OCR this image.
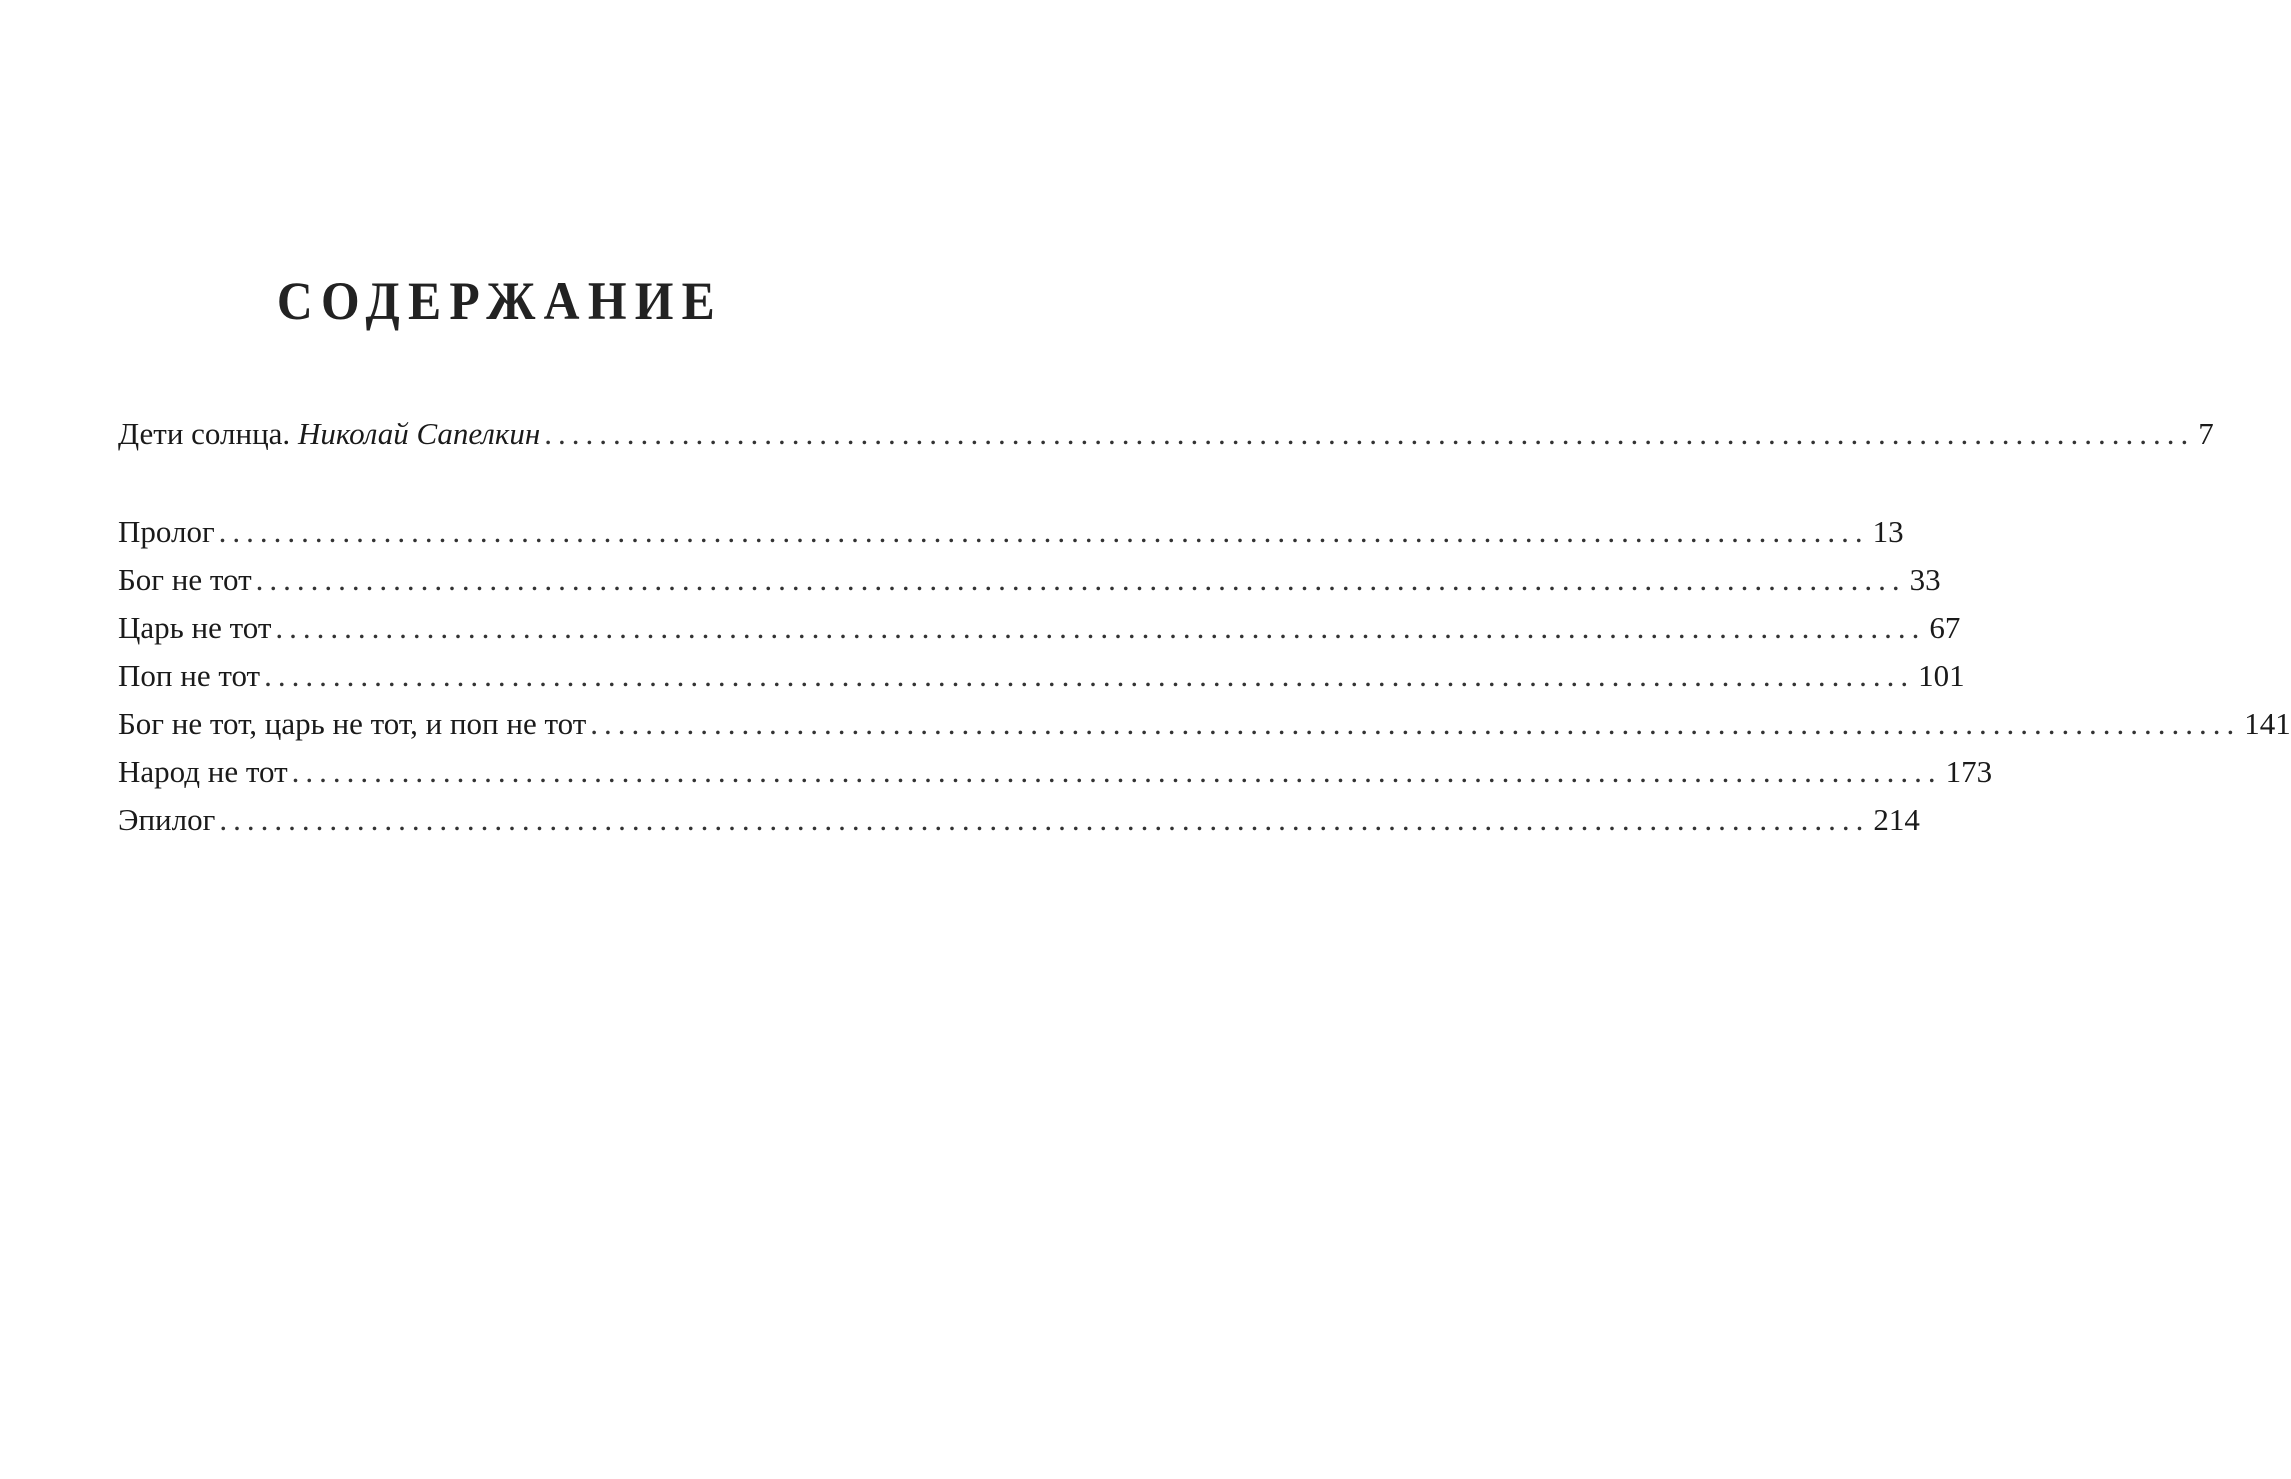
СОДЕРЖАНИЕ
Дети солнца. Николай Сапелкин ........................................................................................................................ 7
Пролог ........................................................................................................................ 13
Бог не тот ........................................................................................................................ 33
Царь не тот ........................................................................................................................ 67
Поп не тот ........................................................................................................................ 101
Бог не тот, царь не тот, и поп не тот ........................................................................................................................ 141
Народ не тот ........................................................................................................................ 173
Эпилог ........................................................................................................................ 214
